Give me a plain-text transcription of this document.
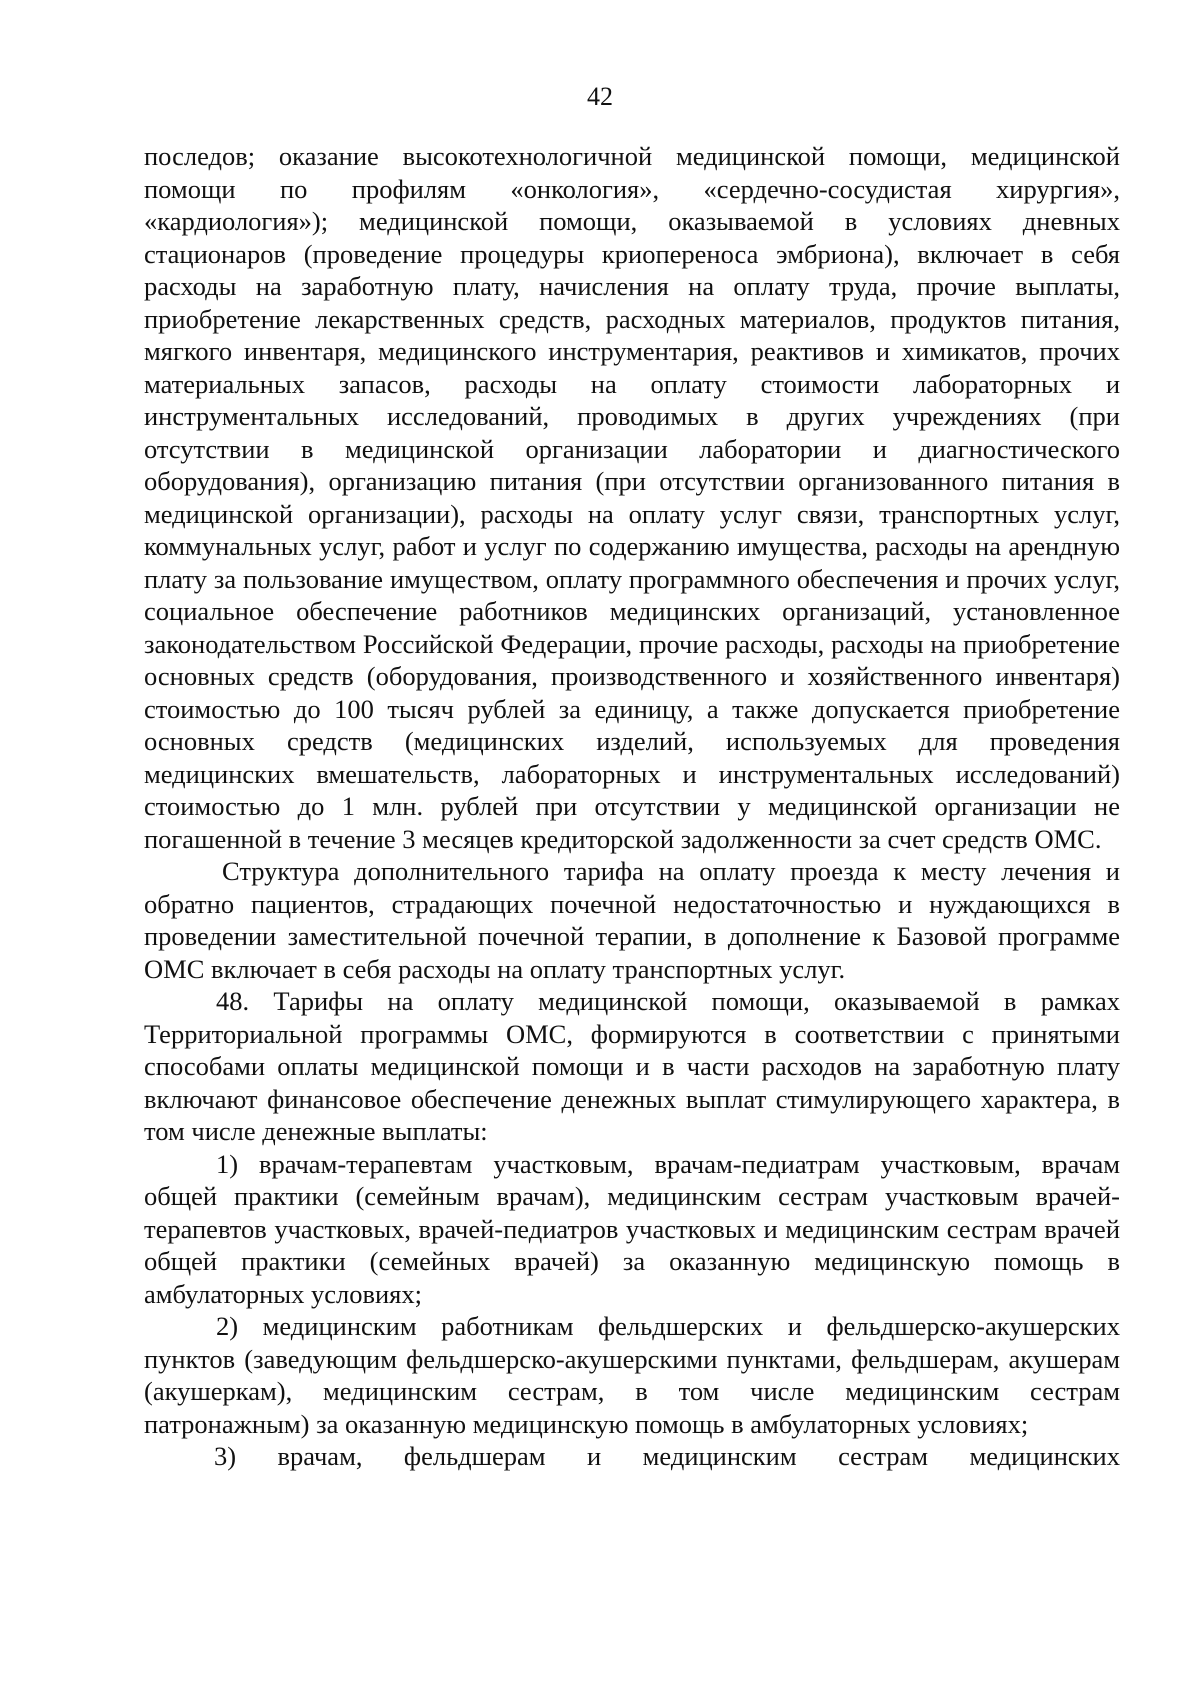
42

последов; оказание высокотехнологичной медицинской помощи, медицинской помощи по профилям «онкология», «сердечно-сосудистая хирургия», «кардиология»); медицинской помощи, оказываемой в условиях дневных стационаров (проведение процедуры криопереноса эмбриона), включает в себя расходы на заработную плату, начисления на оплату труда, прочие выплаты, приобретение лекарственных средств, расходных материалов, продуктов питания, мягкого инвентаря, медицинского инструментария, реактивов и химикатов, прочих материальных запасов, расходы на оплату стоимости лабораторных и инструментальных исследований, проводимых в других учреждениях (при отсутствии в медицинской организации лаборатории и диагностического оборудования), организацию питания (при отсутствии организованного питания в медицинской организации), расходы на оплату услуг связи, транспортных услуг, коммунальных услуг, работ и услуг по содержанию имущества, расходы на арендную плату за пользование имуществом, оплату программного обеспечения и прочих услуг, социальное обеспечение работников медицинских организаций, установленное законодательством Российской Федерации, прочие расходы, расходы на приобретение основных средств (оборудования, производственного и хозяйственного инвентаря) стоимостью до 100 тысяч рублей за единицу, а также допускается приобретение основных средств (медицинских изделий, используемых для проведения медицинских вмешательств, лабораторных и инструментальных исследований) стоимостью до 1 млн. рублей при отсутствии у медицинской организации не погашенной в течение 3 месяцев кредиторской задолженности за счет средств ОМС.

Структура дополнительного тарифа на оплату проезда к месту лечения и обратно пациентов, страдающих почечной недостаточностью и нуждающихся в проведении заместительной почечной терапии, в дополнение к Базовой программе ОМС включает в себя расходы на оплату транспортных услуг.

48. Тарифы на оплату медицинской помощи, оказываемой в рамках Территориальной программы ОМС, формируются в соответствии с принятыми способами оплаты медицинской помощи и в части расходов на заработную плату включают финансовое обеспечение денежных выплат стимулирующего характера, в том числе денежные выплаты:

1) врачам-терапевтам участковым, врачам-педиатрам участковым, врачам общей практики (семейным врачам), медицинским сестрам участковым врачей-терапевтов участковых, врачей-педиатров участковых и медицинским сестрам врачей общей практики (семейных врачей) за оказанную медицинскую помощь в амбулаторных условиях;

2) медицинским работникам фельдшерских и фельдшерско-акушерских пунктов (заведующим фельдшерско-акушерскими пунктами, фельдшерам, акушерам (акушеркам), медицинским сестрам, в том числе медицинским сестрам патронажным) за оказанную медицинскую помощь в амбулаторных условиях;

3) врачам, фельдшерам и медицинским сестрам медицинских
